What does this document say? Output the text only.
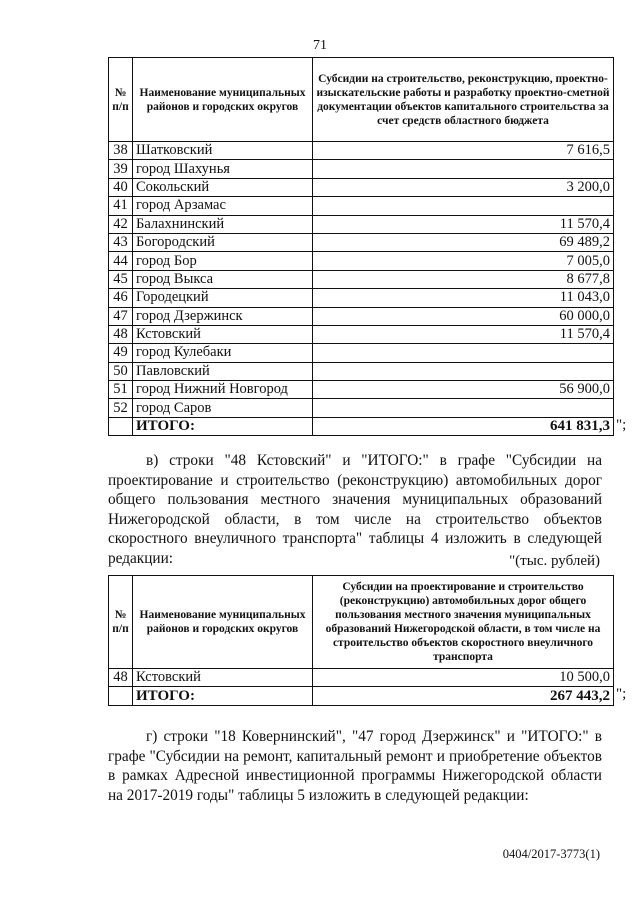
71
№ п/п	Наименование муниципальных районов и городских округов	Субсидии на строительство, реконструкцию, проектно-изыскательские работы и разработку проектно-сметной документации объектов капитального строительства за счет средств областного бюджета
38	Шатковский	7 616,5
39	город Шахунья	
40	Сокольский	3 200,0
41	город Арзамас	
42	Балахнинский	11 570,4
43	Богородский	69 489,2
44	город Бор	7 005,0
45	город Выкса	8 677,8
46	Городецкий	11 043,0
47	город Дзержинск	60 000,0
48	Кстовский	11 570,4
49	город Кулебаки	
50	Павловский	
51	город Нижний Новгород	56 900,0
52	город Саров	
	ИТОГО:	641 831,3 ";
в) строки "48 Кстовский" и "ИТОГО:" в графе "Субсидии на проектирование и строительство (реконструкцию) автомобильных дорог общего пользования местного значения муниципальных образований Нижегородской области, в том числе на строительство объектов скоростного внеуличного транспорта" таблицы 4 изложить в следующей редакции:	"(тыс. рублей)
№ п/п	Наименование муниципальных районов и городских округов	Субсидии на проектирование и строительство (реконструкцию) автомобильных дорог общего пользования местного значения муниципальных образований Нижегородской области, в том числе на строительство объектов скоростного внеуличного транспорта
48	Кстовский	10 500,0
	ИТОГО:	267 443,2 ";
г) строки "18 Ковернинский", "47 город Дзержинск" и "ИТОГО:" в графе "Субсидии на ремонт, капитальный ремонт и приобретение объектов в рамках Адресной инвестиционной программы Нижегородской области на 2017-2019 годы" таблицы 5 изложить в следующей редакции:
0404/2017-3773(1)
